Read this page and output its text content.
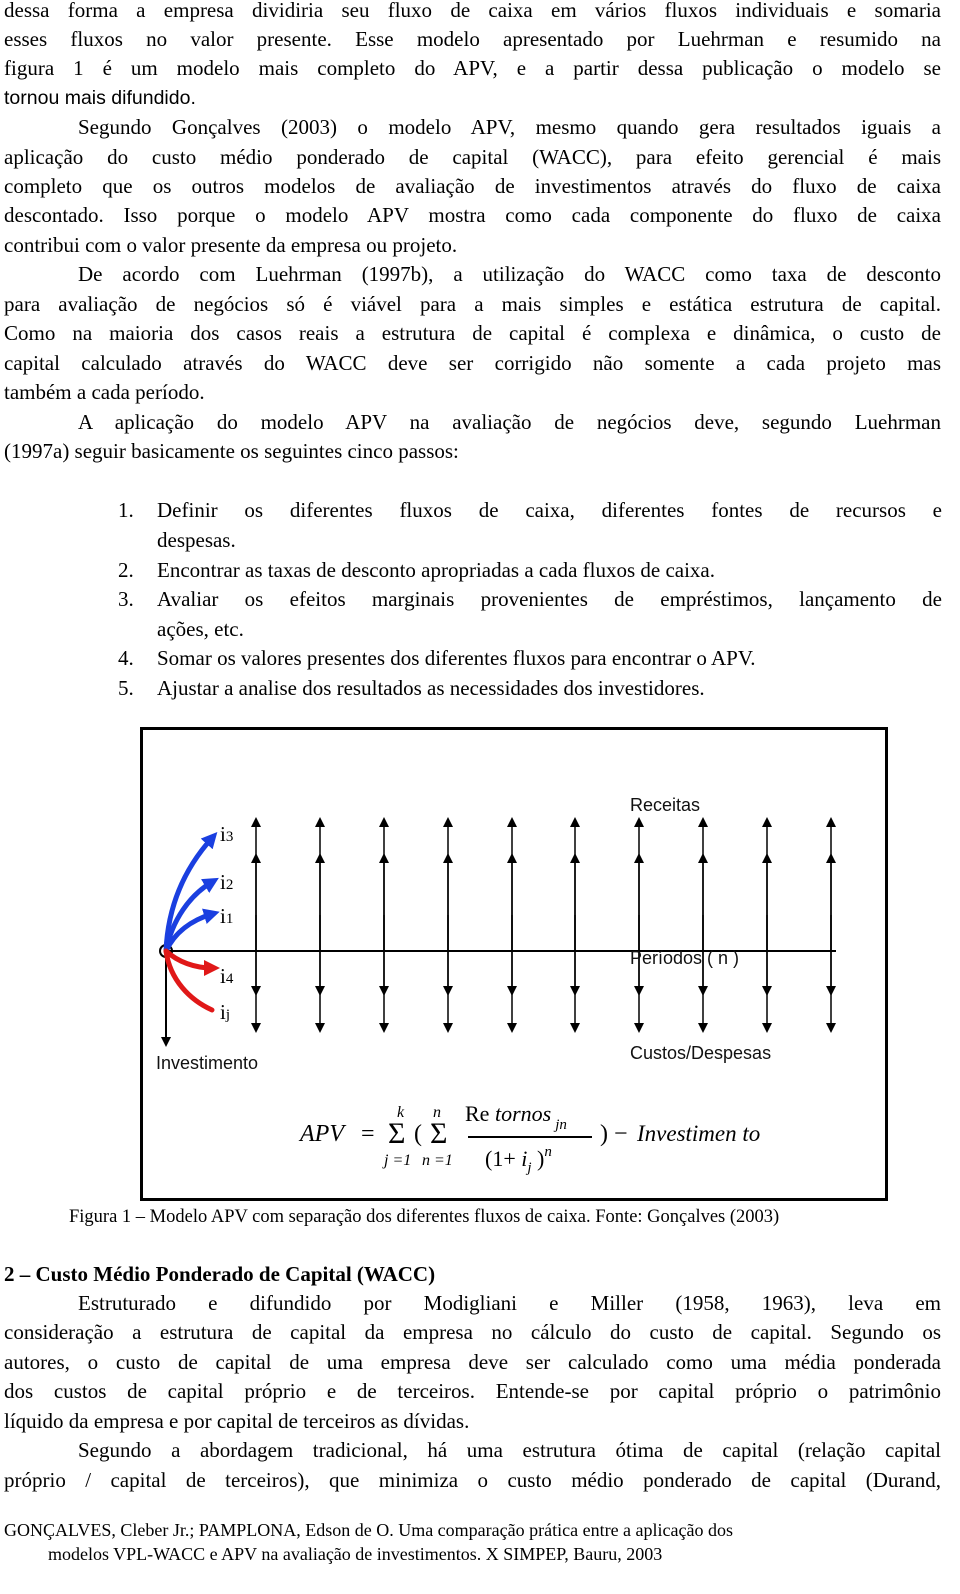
dessa forma a empresa dividiria seu fluxo de caixa em vários fluxos individuais e somaria
esses fluxos no valor presente. Esse modelo apresentado por Luehrman e resumido na
figura 1 é um modelo mais completo do APV, e a partir dessa publicação o modelo se
tornou mais difundido.
Segundo Gonçalves (2003) o modelo APV, mesmo quando gera resultados iguais a
aplicação do custo médio ponderado de capital (WACC), para efeito gerencial é mais
completo que os outros modelos de avaliação de investimentos através do fluxo de caixa
descontado. Isso porque o modelo APV mostra como cada componente do fluxo de caixa
contribui com o valor presente da empresa ou projeto.
De acordo com Luehrman (1997b), a utilização do WACC como taxa de desconto
para avaliação de negócios só é viável para a mais simples e estática estrutura de capital.
Como na maioria dos casos reais a estrutura de capital é complexa e dinâmica, o custo de
capital calculado através do WACC deve ser corrigido não somente a cada projeto mas
também a cada período.
A aplicação do modelo APV na avaliação de negócios deve, segundo Luehrman
(1997a) seguir basicamente os seguintes cinco passos:
1. Definir os diferentes fluxos de caixa, diferentes fontes de recursos e
despesas.
2. Encontrar as taxas de desconto apropriadas a cada fluxos de caixa.
3. Avaliar os efeitos marginais provenientes de empréstimos, lançamento de
ações, etc.
4. Somar os valores presentes dos diferentes fluxos para encontrar o APV.
5. Ajustar a analise dos resultados as necessidades dos investidores.
i3
i2
i1
i4
ij
Receitas
Períodos ( n )
Custos/Despesas
Investimento
APV =
k
Σ
j =1
(
n
Σ
n =1
Re tornos $_{jn}$
($1+ i_j$ )$^n$
) − Investimen to
Figura 1 – Modelo APV com separação dos diferentes fluxos de caixa. Fonte: Gonçalves (2003)
2 – Custo Médio Ponderado de Capital (WACC)
Estruturado e difundido por Modigliani e Miller (1958, 1963), leva em
consideração a estrutura de capital da empresa no cálculo do custo de capital. Segundo os
autores, o custo de capital de uma empresa deve ser calculado como uma média ponderada
dos custos de capital próprio e de terceiros. Entende-se por capital próprio o patrimônio
líquido da empresa e por capital de terceiros as dívidas.
Segundo a abordagem tradicional, há uma estrutura ótima de capital (relação capital
próprio / capital de terceiros), que minimiza o custo médio ponderado de capital (Durand,
GONÇALVES, Cleber Jr.; PAMPLONA, Edson de O. Uma comparação prática entre a aplicação dos
modelos VPL-WACC e APV na avaliação de investimentos. X SIMPEP, Bauru, 2003
